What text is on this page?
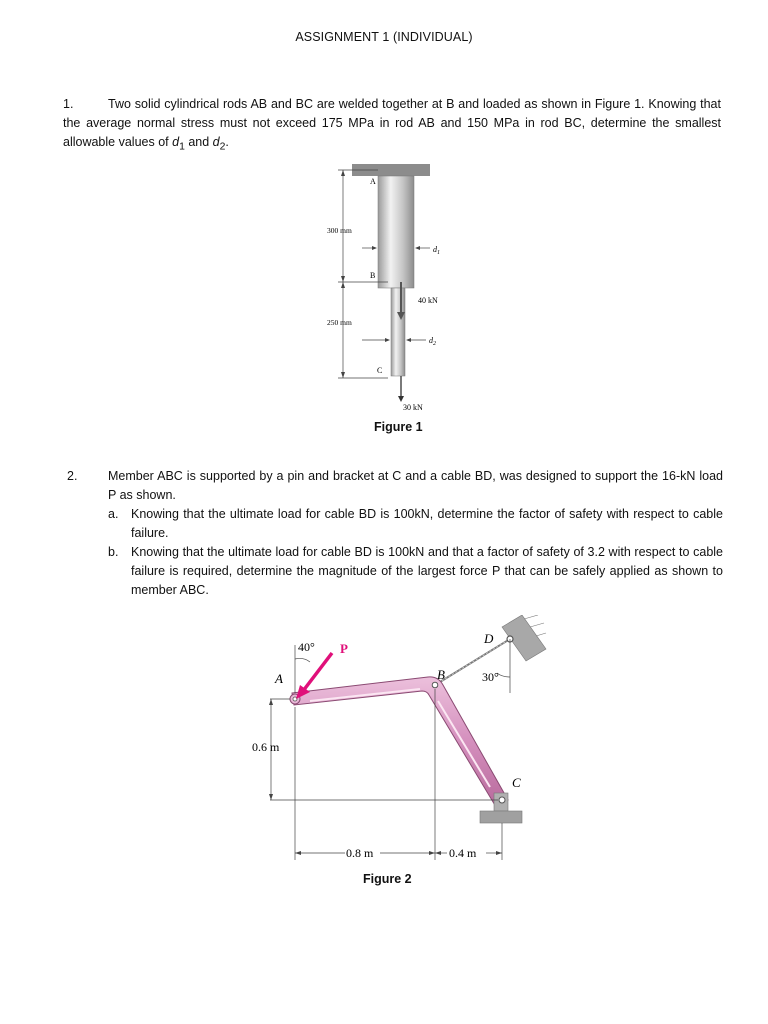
ASSIGNMENT 1 (INDIVIDUAL)
1.	Two solid cylindrical rods AB and BC are welded together at B and loaded as shown in Figure 1. Knowing that the average normal stress must not exceed 175 MPa in rod AB and 150 MPa in rod BC, determine the smallest allowable values of $d_1$ and $d_2$.
A
B
C
300 mm
250 mm
40 kN
30 kN
$d_1$
$d_2$
Figure 1
2. Member ABC is supported by a pin and bracket at C and a cable BD, was designed to support the 16-kN load P as shown.
a. Knowing that the ultimate load for cable BD is 100kN, determine the factor of safety with respect to cable failure.
b. Knowing that the ultimate load for cable BD is 100kN and that a factor of safety of 3.2 with respect to cable failure is required, determine the magnitude of the largest force P that can be safely applied as shown to member ABC.
A	B
C
D
P
40°
30°
0.6 m
0.8 m	0.4 m
Figure 2
